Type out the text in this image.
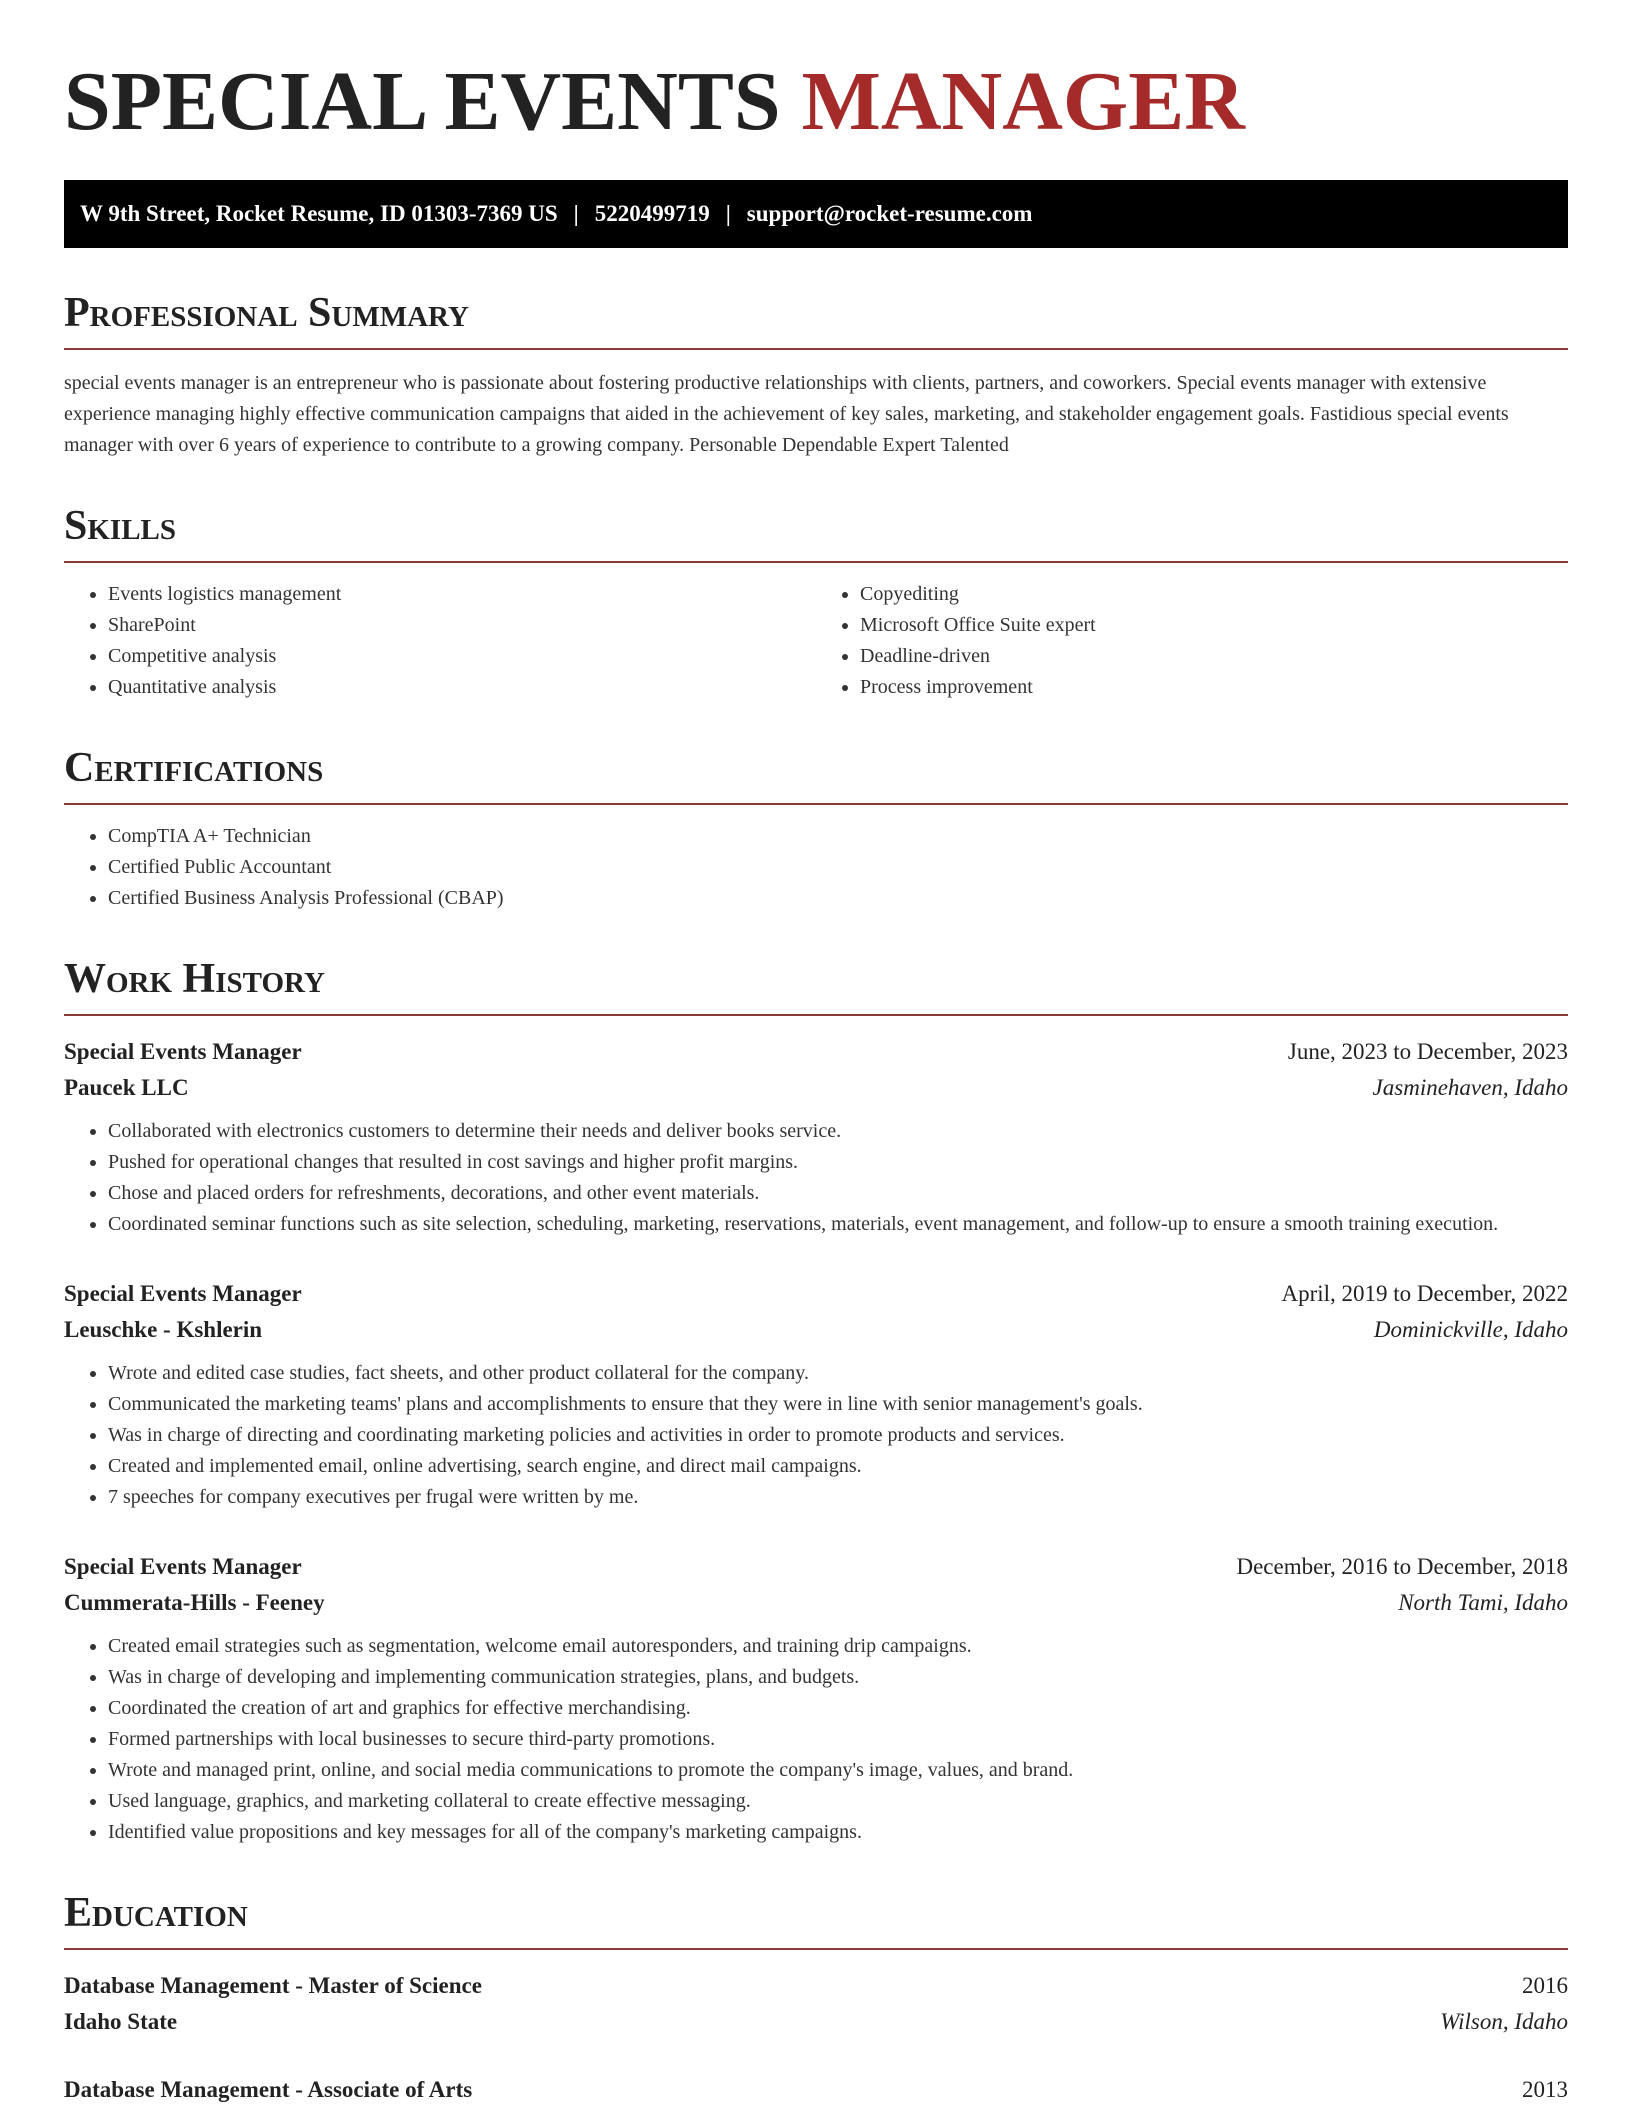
SPECIAL EVENTS MANAGER
W 9th Street, Rocket Resume, ID 01303-7369 US | 5220499719 | support@rocket-resume.com
Professional Summary
special events manager is an entrepreneur who is passionate about fostering productive relationships with clients, partners, and coworkers. Special events manager with extensive experience managing highly effective communication campaigns that aided in the achievement of key sales, marketing, and stakeholder engagement goals. Fastidious special events manager with over 6 years of experience to contribute to a growing company. Personable Dependable Expert Talented
Skills
• Events logistics management
• SharePoint
• Competitive analysis
• Quantitative analysis
• Copyediting
• Microsoft Office Suite expert
• Deadline-driven
• Process improvement
Certifications
• CompTIA A+ Technician
• Certified Public Accountant
• Certified Business Analysis Professional (CBAP)
Work History
Special Events Manager	June, 2023 to December, 2023
Paucek LLC	Jasminehaven, Idaho
• Collaborated with electronics customers to determine their needs and deliver books service.
• Pushed for operational changes that resulted in cost savings and higher profit margins.
• Chose and placed orders for refreshments, decorations, and other event materials.
• Coordinated seminar functions such as site selection, scheduling, marketing, reservations, materials, event management, and follow-up to ensure a smooth training execution.
Special Events Manager	April, 2019 to December, 2022
Leuschke - Kshlerin	Dominickville, Idaho
• Wrote and edited case studies, fact sheets, and other product collateral for the company.
• Communicated the marketing teams' plans and accomplishments to ensure that they were in line with senior management's goals.
• Was in charge of directing and coordinating marketing policies and activities in order to promote products and services.
• Created and implemented email, online advertising, search engine, and direct mail campaigns.
• 7 speeches for company executives per frugal were written by me.
Special Events Manager	December, 2016 to December, 2018
Cummerata-Hills - Feeney	North Tami, Idaho
• Created email strategies such as segmentation, welcome email autoresponders, and training drip campaigns.
• Was in charge of developing and implementing communication strategies, plans, and budgets.
• Coordinated the creation of art and graphics for effective merchandising.
• Formed partnerships with local businesses to secure third-party promotions.
• Wrote and managed print, online, and social media communications to promote the company's image, values, and brand.
• Used language, graphics, and marketing collateral to create effective messaging.
• Identified value propositions and key messages for all of the company's marketing campaigns.
Education
Database Management - Master of Science	2016
Idaho State	Wilson, Idaho
Database Management - Associate of Arts	2013
